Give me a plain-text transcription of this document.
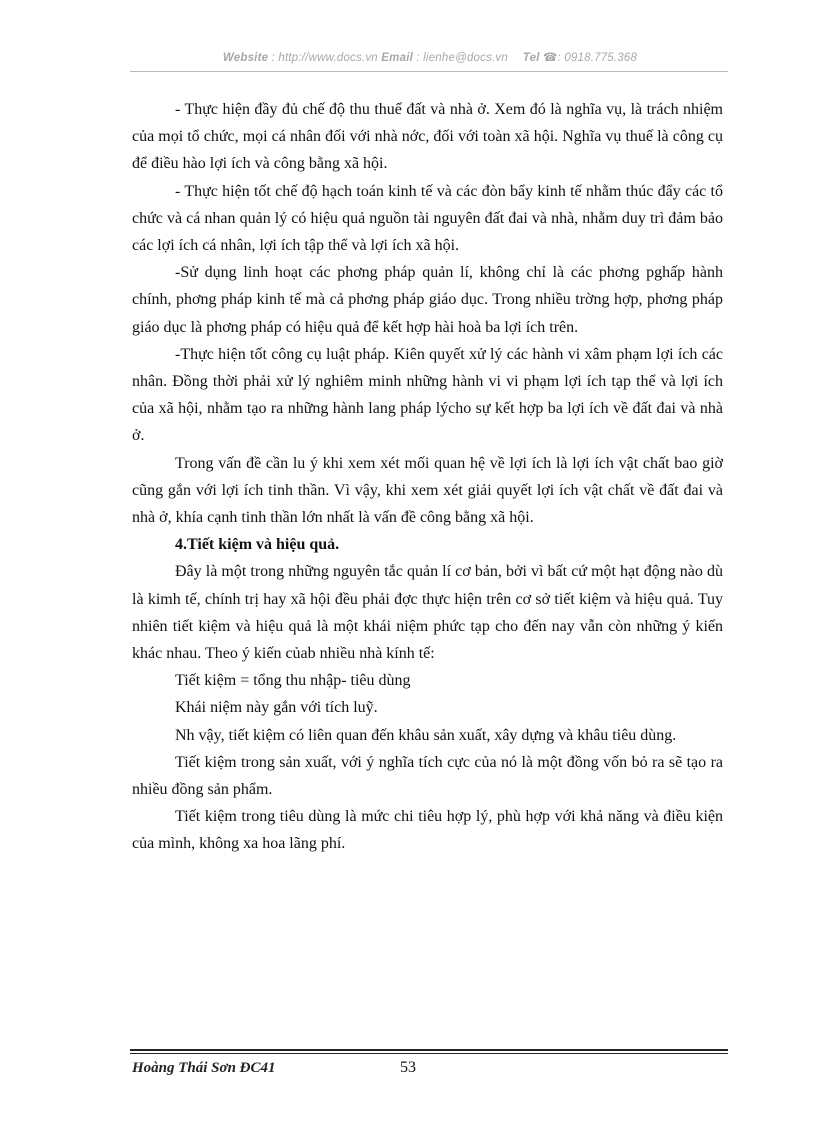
Website : http://www.docs.vn Email : lienhe@docs.vn Tel ☎: 0918.775.368

- Thực hiện đầy đủ chế độ thu thuế đất và nhà ở. Xem đó là nghĩa vụ, là trách nhiệm của mọi tổ chức, mọi cá nhân đối với nhà nớc, đối với toàn xã hội. Nghĩa vụ thuế là công cụ để điều hào lợi ích và công bằng xã hội.

- Thực hiện tốt chế độ hạch toán kinh tế và các đòn bẩy kinh tế nhằm thúc đẩy các tổ chức và cá nhan quản lý có hiệu quả nguồn tài nguyên đất đai và nhà, nhằm duy trì đảm bảo các lợi ích cá nhân, lợi ích tập thể và lợi ích xã hội.

-Sử dụng linh hoạt các phơng pháp quản lí, không chỉ là các phơng pghấp hành chính, phơng pháp kinh tế mà cả phơng pháp giáo dục. Trong nhiều trờng hợp, phơng pháp giáo dục là phơng pháp có hiệu quả để kết hợp hài hoà ba lợi ích trên.

-Thực hiện tốt công cụ luật pháp. Kiên quyết xử lý các hành vi xâm phạm lợi ích các nhân. Đồng thời phải xử lý nghiêm minh những hành vi vi phạm lợi ích tạp thể và lợi ích của xã hội, nhằm tạo ra những hành lang pháp lýcho sự kết hợp ba lợi ích về đất đai và nhà ở.

Trong vấn đề cần lu ý khi xem xét mối quan hệ về lợi ích là lợi ích vật chất bao giờ cũng gắn với lợi ích tinh thần. Vì vậy, khi xem xét giải quyết lợi ích vật chất về đất đai và nhà ở, khía cạnh tinh thần lớn nhất là vấn đề công bằng xã hội.

4.Tiết kiệm và hiệu quả.

Đây là một trong những nguyên tắc quản lí cơ bản, bởi vì bất cứ một hạt động nào dù là kimh tế, chính trị hay xã hội đều phải đợc thực hiện trên cơ sở tiết kiệm và hiệu quả. Tuy nhiên tiết kiệm và hiệu quả là một khái niệm phức tạp cho đến nay vẫn còn những ý kiến khác nhau. Theo ý kiến củab nhiều nhà kính tế:

Tiết kiệm = tổng thu nhập- tiêu dùng

Khái niệm này gắn với tích luỹ.

Nh vậy, tiết kiệm có liên quan đến khâu sản xuất, xây dựng và khâu tiêu dùng.

Tiết kiệm trong sản xuất, với ý nghĩa tích cực của nó là một đồng vốn bỏ ra sẽ tạo ra nhiều đồng sản phẩm.

Tiết kiệm trong tiêu dùng là mức chi tiêu hợp lý, phù hợp với khả năng và điều kiện của mình, không xa hoa lãng phí.

Hoàng Thái Sơn ĐC41	53
